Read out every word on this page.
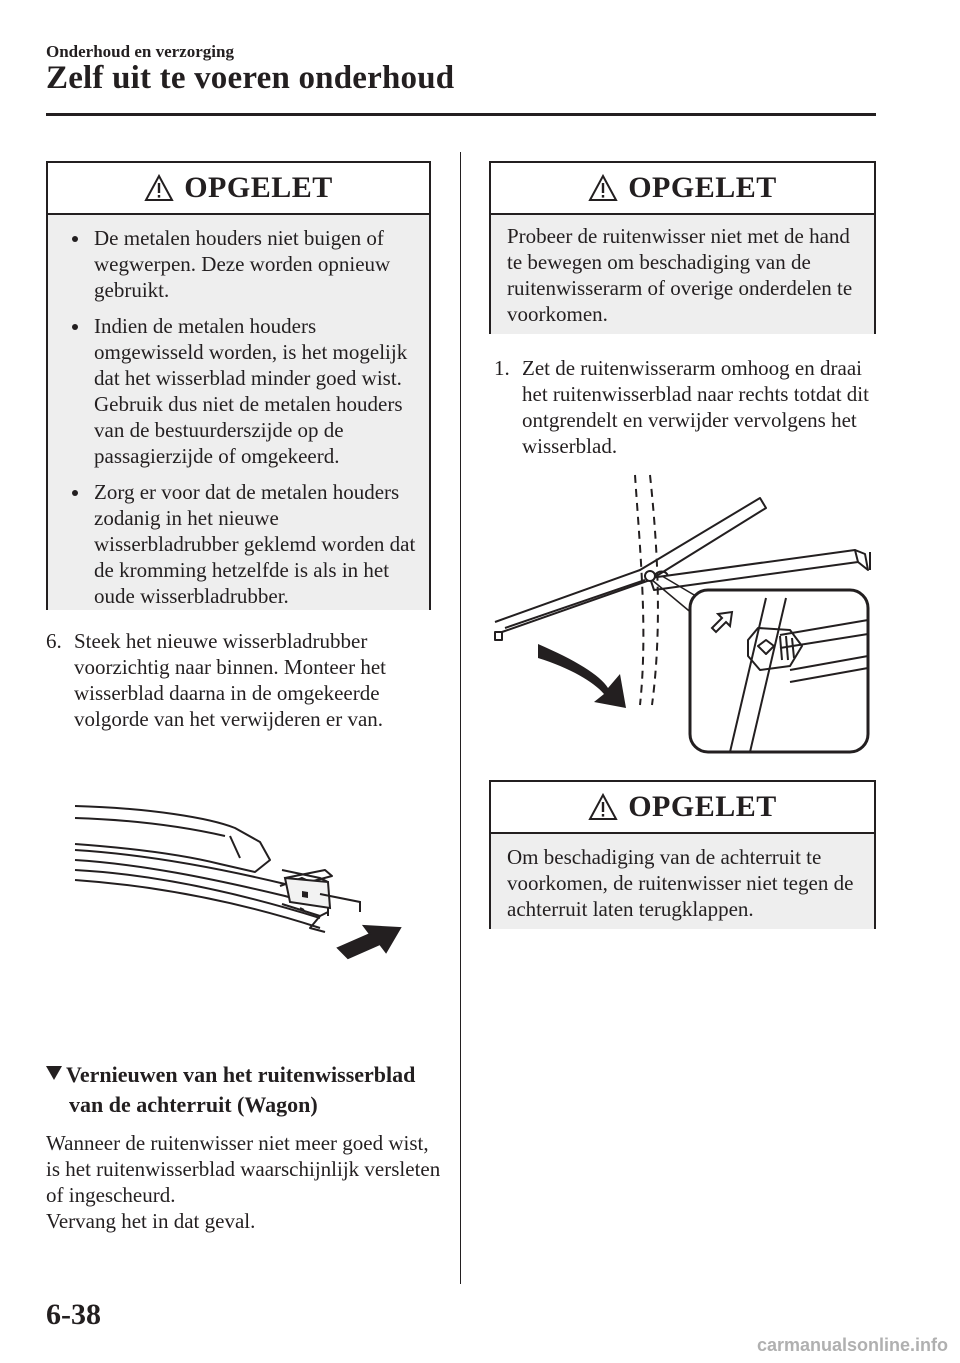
Onderhoud en verzorging
Zelf uit te voeren onderhoud
OPGELET
De metalen houders niet buigen of wegwerpen. Deze worden opnieuw gebruikt.
Indien de metalen houders omgewisseld worden, is het mogelijk dat het wisserblad minder goed wist. Gebruik dus niet de metalen houders van de bestuurderszijde op de passagierzijde of omgekeerd.
Zorg er voor dat de metalen houders zodanig in het nieuwe wisserbladrubber geklemd worden dat de kromming hetzelfde is als in het oude wisserbladrubber.
6. Steek het nieuwe wisserbladrubber voorzichtig naar binnen. Monteer het wisserblad daarna in de omgekeerde volgorde van het verwijderen er van.
Vernieuwen van het ruitenwisserblad
van de achterruit (Wagon)
Wanneer de ruitenwisser niet meer goed wist, is het ruitenwisserblad waarschijnlijk versleten of ingescheurd.
Vervang het in dat geval.
OPGELET
Probeer de ruitenwisser niet met de hand te bewegen om beschadiging van de ruitenwisserarm of overige onderdelen te voorkomen.
1. Zet de ruitenwisserarm omhoog en draai het ruitenwisserblad naar rechts totdat dit ontgrendelt en verwijder vervolgens het wisserblad.
OPGELET
Om beschadiging van de achterruit te voorkomen, de ruitenwisser niet tegen de achterruit laten terugklappen.
6-38
carmanualsonline.info
